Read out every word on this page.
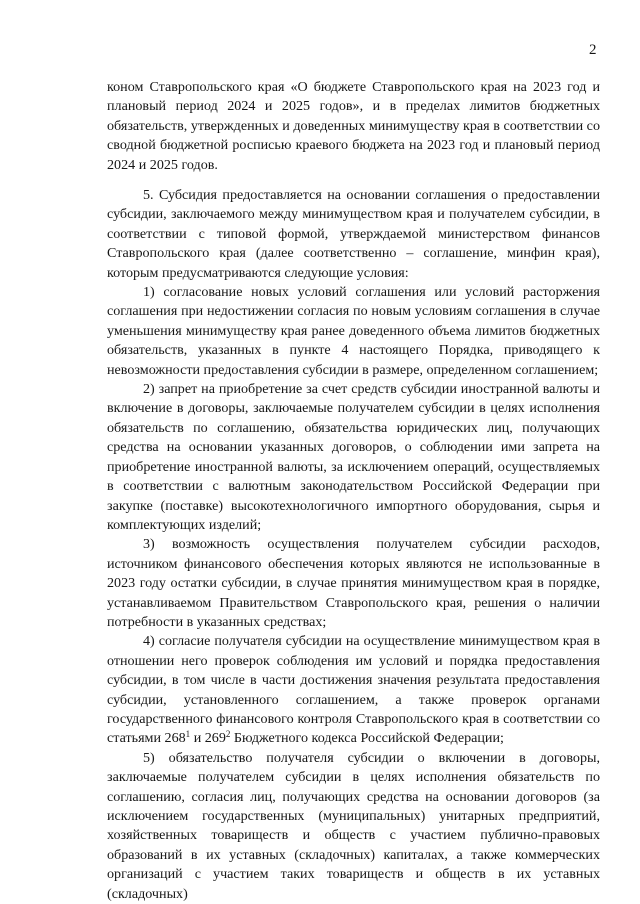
2
коном Ставропольского края «О бюджете Ставропольского края на 2023 год и плановый период 2024 и 2025 годов», и в пределах лимитов бюджетных обязательств, утвержденных и доведенных минимуществу края в соответствии со сводной бюджетной росписью краевого бюджета на 2023 год и плановый период 2024 и 2025 годов.
5. Субсидия предоставляется на основании соглашения о предоставлении субсидии, заключаемого между минимуществом края и получателем субсидии, в соответствии с типовой формой, утверждаемой министерством финансов Ставропольского края (далее соответственно – соглашение, минфин края), которым предусматриваются следующие условия:
1) согласование новых условий соглашения или условий расторжения соглашения при недостижении согласия по новым условиям соглашения в случае уменьшения минимуществу края ранее доведенного объема лимитов бюджетных обязательств, указанных в пункте 4 настоящего Порядка, приводящего к невозможности предоставления субсидии в размере, определенном соглашением;
2) запрет на приобретение за счет средств субсидии иностранной валюты и включение в договоры, заключаемые получателем субсидии в целях исполнения обязательств по соглашению, обязательства юридических лиц, получающих средства на основании указанных договоров, о соблюдении ими запрета на приобретение иностранной валюты, за исключением операций, осуществляемых в соответствии с валютным законодательством Российской Федерации при закупке (поставке) высокотехнологичного импортного оборудования, сырья и комплектующих изделий;
3) возможность осуществления получателем субсидии расходов, источником финансового обеспечения которых являются не использованные в 2023 году остатки субсидии, в случае принятия минимуществом края в порядке, устанавливаемом Правительством Ставропольского края, решения о наличии потребности в указанных средствах;
4) согласие получателя субсидии на осуществление минимуществом края в отношении него проверок соблюдения им условий и порядка предоставления субсидии, в том числе в части достижения значения результата предоставления субсидии, установленного соглашением, а также проверок органами государственного финансового контроля Ставропольского края в соответствии со статьями $268^1$ и $269^2$ Бюджетного кодекса Российской Федерации;
5) обязательство получателя субсидии о включении в договоры, заключаемые получателем субсидии в целях исполнения обязательств по соглашению, согласия лиц, получающих средства на основании договоров (за исключением государственных (муниципальных) унитарных предприятий, хозяйственных товариществ и обществ с участием публично-правовых образований в их уставных (складочных) капиталах, а также коммерческих организаций с участием таких товариществ и обществ в их уставных (складочных)
